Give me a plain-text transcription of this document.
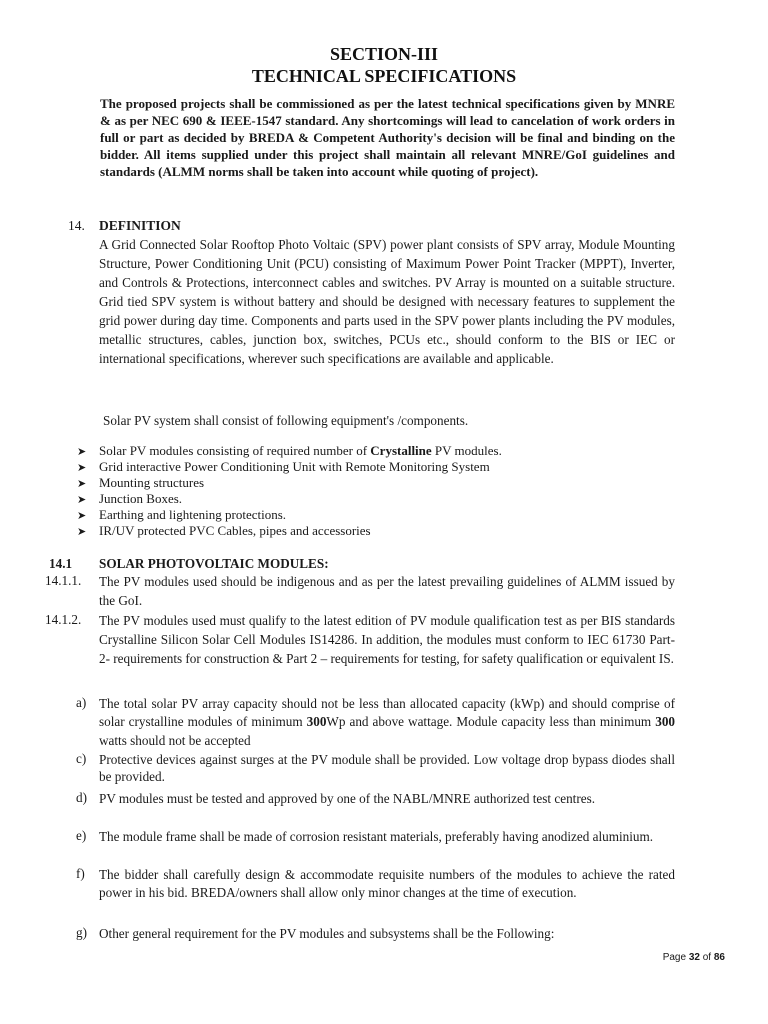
SECTION-III
TECHNICAL SPECIFICATIONS
The proposed projects shall be commissioned as per the latest technical specifications given by MNRE & as per NEC 690 & IEEE-1547 standard. Any shortcomings will lead to cancelation of work orders in full or part as decided by BREDA & Competent Authority's decision will be final and binding on the bidder. All items supplied under this project shall maintain all relevant MNRE/GoI guidelines and standards (ALMM norms shall be taken into account while quoting of project).
14. DEFINITION
A Grid Connected Solar Rooftop Photo Voltaic (SPV) power plant consists of SPV array, Module Mounting Structure, Power Conditioning Unit (PCU) consisting of Maximum Power Point Tracker (MPPT), Inverter, and Controls & Protections, interconnect cables and switches. PV Array is mounted on a suitable structure. Grid tied SPV system is without battery and should be designed with necessary features to supplement the grid power during day time. Components and parts used in the SPV power plants including the PV modules, metallic structures, cables, junction box, switches, PCUs etc., should conform to the BIS or IEC or international specifications, wherever such specifications are available and applicable.
Solar PV system shall consist of following equipment's /components.
➤ Solar PV modules consisting of required number of Crystalline PV modules.
➤ Grid interactive Power Conditioning Unit with Remote Monitoring System
➤ Mounting structures
➤ Junction Boxes.
➤ Earthing and lightening protections.
➤ IR/UV protected PVC Cables, pipes and accessories
14.1 SOLAR PHOTOVOLTAIC MODULES:
14.1.1. The PV modules used should be indigenous and as per the latest prevailing guidelines of ALMM issued by the GoI.
14.1.2. The PV modules used must qualify to the latest edition of PV module qualification test as per BIS standards Crystalline Silicon Solar Cell Modules IS14286. In addition, the modules must conform to IEC 61730 Part-2- requirements for construction & Part 2 – requirements for testing, for safety qualification or equivalent IS.
a) The total solar PV array capacity should not be less than allocated capacity (kWp) and should comprise of solar crystalline modules of minimum 300Wp and above wattage. Module capacity less than minimum 300 watts should not be accepted
c) Protective devices against surges at the PV module shall be provided. Low voltage drop bypass diodes shall be provided.
d) PV modules must be tested and approved by one of the NABL/MNRE authorized test centres.
e) The module frame shall be made of corrosion resistant materials, preferably having anodized aluminium.
f)	The bidder shall carefully design & accommodate requisite numbers of the modules to achieve the rated power in his bid. BREDA/owners shall allow only minor changes at the time of execution.
g) Other general requirement for the PV modules and subsystems shall be the Following:
Page 32 of 86
